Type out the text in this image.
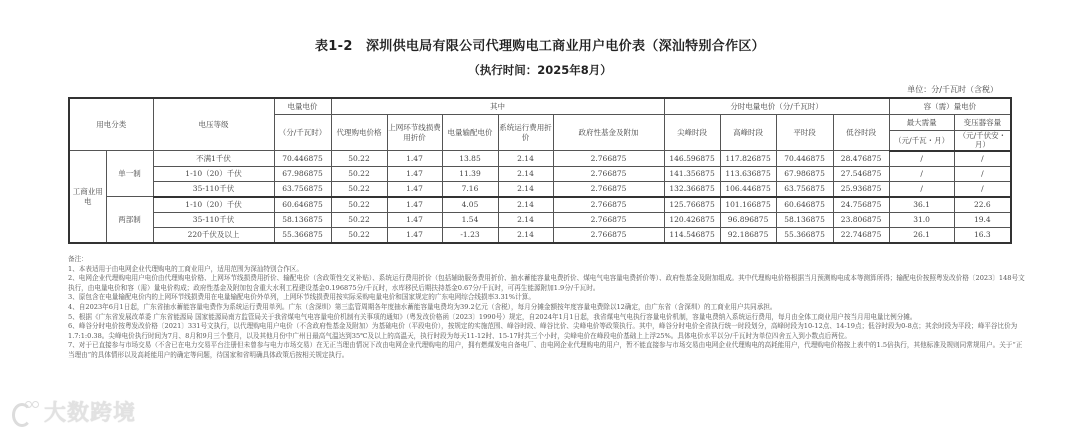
表1-2　深圳供电局有限公司代理购电工商业用户电价表（深汕特别合作区）
（执行时间：2025年8月）
单位：分/千瓦时（含税）
用电分类		电压等级	电量电价	其中					分时电量电价（分/千瓦时）				容（需）量电价	
			（分/千瓦时）	代理购电价格	上网环节线损费用折价	电量输配电价	系统运行费用折价	政府性基金及附加	尖峰时段	高峰时段	平时段	低谷时段	最大需量	变压器容量
													（元/千瓦・月）	（元/千伏安・月）
工商业用电	单一制	不满1千伏	70.446875	50.22	1.47	13.85	2.14	2.766875	146.596875	117.826875	70.446875	28.476875	/	/
		1-10（20）千伏	67.986875	50.22	1.47	11.39	2.14	2.766875	141.356875	113.636875	67.986875	27.546875	/	/
		35-110千伏	63.756875	50.22	1.47	7.16	2.14	2.766875	132.366875	106.446875	63.756875	25.936875	/	/
	两部制	1-10（20）千伏	60.646875	50.22	1.47	4.05	2.14	2.766875	125.766875	101.166875	60.646875	24.756875	36.1	22.6
		35-110千伏	58.136875	50.22	1.47	1.54	2.14	2.766875	120.426875	96.896875	58.136875	23.806875	31.0	19.4
		220千伏及以上	55.366875	50.22	1.47	-1.23	2.14	2.766875	114.546875	92.186875	55.366875	22.746875	26.1	16.3

备注：

1、本表适用于由电网企业代理购电的工商业用户，适用范围为深汕特别合作区。

2、电网企业代理购电用户电价由代理购电价格、上网环节线损费用折价、输配电价（含政策性交叉补贴）、系统运行费用折价（包括辅助服务费用折价、抽水蓄能容量电费折价、煤电气电容量电费折价等）、政府性基金及附加组成。其中代理购电价格根据当月预测购电成本等测算所得；输配电价按照粤发改价格〔2023〕148号文执行，由电量电价和容（需）量电价构成；政府性基金及附加包含重大水利工程建设基金0.196875分/千瓦时，水库移民后期扶持基金0.67分/千瓦时，可再生能源附加1.9分/千瓦时。

3、原包含在电量输配电价内的上网环节线损费用在电量输配电价外单列，上网环节线损费用按实际采购电量电价和国家规定的广东电网综合线损率3.31%计算。

4、自2023年6月1日起，广东省抽水蓄能容量电费作为系统运行费用单列。广东（含深圳）第三监管周期各年度抽水蓄能容量电费均为39.2亿元（含税），每月分摊金额按年度容量电费除以12确定，由广东省（含深圳）的工商业用户共同承担。

5、根据《广东省发展改革委 广东省能源局 国家能源局南方监管局关于我省煤电气电容量电价机制有关事项的通知》（粤发改价格函〔2023〕1990号）规定，自2024年1月1日起，我省煤电气电执行容量电价机制，容量电费纳入系统运行费用，每月由全体工商业用户按当月用电量比例分摊。

6、峰谷分时电价按粤发改价格〔2021〕331号文执行，以代理购电用户电价（不含政府性基金及附加）为基础电价（平段电价），按规定的实施范围、峰谷时段、峰谷比价、尖峰电价等政策执行。其中，峰谷分时电价全省执行统一时段划分，高峰时段为10-12点、14-19点；低谷时段为0-8点；其余时段为平段；峰平谷比价为1.7:1:0.38。尖峰电价执行时间为7月、8月和9月三个整月，以及其他月份中广州日最高气温达到35℃及以上的高温天，执行时段为每天11-12时、15-17时共三个小时，尖峰电价在峰段电价基础上上浮25%。具体电价水平以分/千瓦时为单位四舍五入到小数点后两位。

7、对于已直接参与市场交易（不含已在电力交易平台注册但未曾参与电力市场交易）在无正当理由情况下改由电网企业代理购电的用户，拥有燃煤发电自备电厂、由电网企业代理购电的用户，暂不能直接参与市场交易由电网企业代理购电的高耗能用户，代理购电价格按上表中的1.5倍执行，其他标准及规则同常规用户。关于“正当理由”的具体情形以及高耗能用户的确定等问题，待国家和省明确具体政策后按相关规定执行。

大数跨境
